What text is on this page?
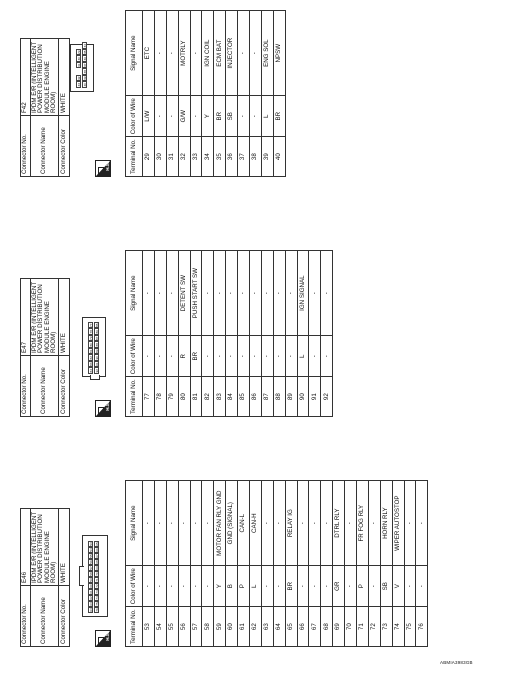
Connector No.	E46
Connector Name	IPDM E/R (INTELLIGENT POWER DISTRIBUTION MODULE ENGINE ROOM)
Connector Color	WHITE
H.S.
64
63
62
61
60
59
58
57
56
55
54
53
76
75
74
73
72
71
70
69
68
67
66
65
Terminal No.	Color of Wire	Signal Name
53	-	-
54	-	-
55	-	-
56	-	-
57	-	-
58	-	-
59	Y	MOTOR FAN RLY GND
60	B	GND (SIGNAL)
61	P	CAN-L
62	L	CAN-H
63	-	-
64	-	-
65	BR	RELAY IG
66	-	-
67	-	-
68	-	-
69	GR	DTRL RLY
70	-	-
71	P	FR FOG RLY
72	-	-
73	SB	HORN RLY
74	V	WIPER AUTOSTOP
75	-	-
76	-	-
Connector No.	E47
Connector Name	IPDM E/R (INTELLIGENT POWER DISTRIBUTION MODULE ENGINE ROOM)
Connector Color	WHITE
H.S.
84
83
82
81
80
79
78
77
92
91
90
89
88
87
86
85
Terminal No.	Color of Wire	Signal Name
77	-	-
78	-	-
79	-	-
80	R	DETENT SW
81	BR	PUSH START SW
82	-	-
83	-	-
84	-	-
85	-	-
86	-	-
87	-	-
88	-	-
89	-	-
90	L	IGN SIGNAL
91	-	-
92	-	-
Connector No.	F42
Connector Name	IPDM E/R (INTELLIGENT POWER DISTRIBUTION MODULE ENGINE ROOM)
Connector Color	WHITE
H.S.
33
32
31
30
29
40
39
38
37
36
35
34
Terminal No.	Color of Wire	Signal Name
29	L/W	ETC
30	-	-
31	-	-
32	G/W	MOTRLY
33	-	-
34	Y	IGN COIL
35	BR	ECM BAT
36	SB	INJECTOR
37	-	-
38	-	-
39	L	ENG SOL
40	BR	NPSW
ABMIA3983GB
